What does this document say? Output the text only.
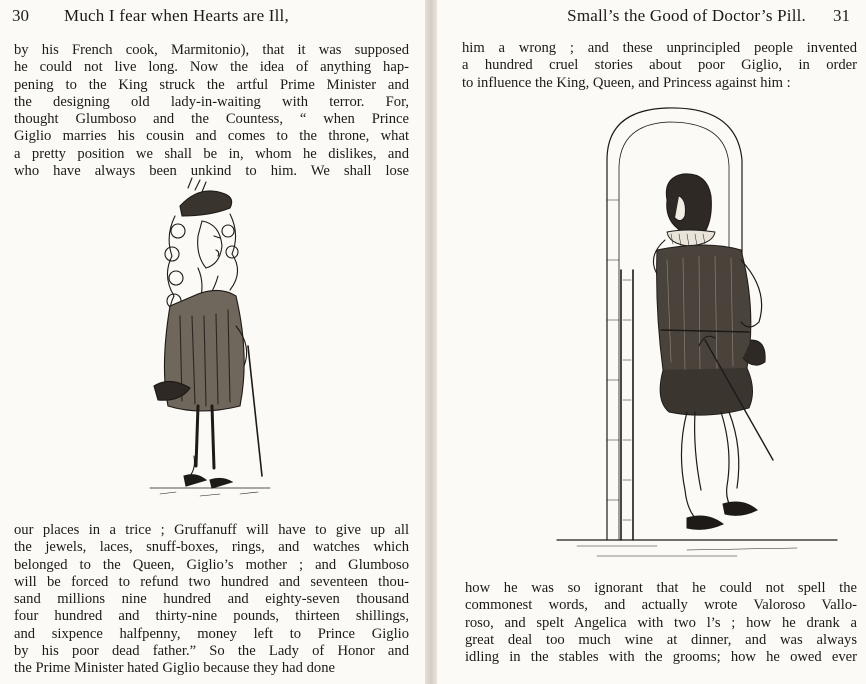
30 Much I fear when Hearts are Ill,
by his French cook, Marmitonio), that it was supposed
he could not live long. Now the idea of anything hap-
pening to the King struck the artful Prime Minister and
the designing old lady-in-waiting with terror. For,
thought Glumboso and the Countess, “ when Prince
Giglio marries his cousin and comes to the throne, what
a pretty position we shall be in, whom he dislikes, and
who have always been unkind to him. We shall lose
our places in a trice ; Gruffanuff will have to give up all
the jewels, laces, snuff-boxes, rings, and watches which
belonged to the Queen, Giglio’s mother ; and Glumboso
will be forced to refund two hundred and seventeen thou-
sand millions nine hundred and eighty-seven thousand
four hundred and thirty-nine pounds, thirteen shillings,
and sixpence halfpenny, money left to Prince Giglio
by his poor dead father.” So the Lady of Honor and
the Prime Minister hated Giglio because they had done
Small’s the Good of Doctor’s Pill. 31
him a wrong ; and these unprincipled people invented
a hundred cruel stories about poor Giglio, in order
to influence the King, Queen, and Princess against him :
how he was so ignorant that he could not spell the
commonest words, and actually wrote Valoroso Vallo-
roso, and spelt Angelica with two l’s ; how he drank a
great deal too much wine at dinner, and was always
idling in the stables with the grooms; how he owed ever
